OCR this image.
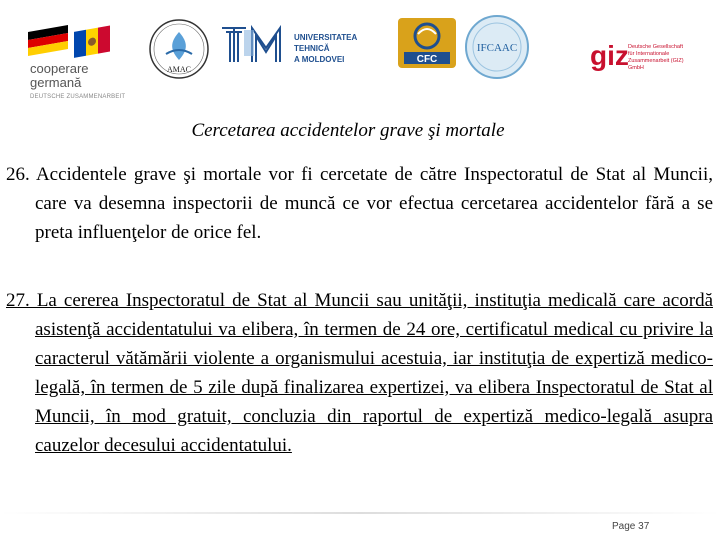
cooperare
germană
DEUTSCHE ZUSAMMENARBEIT
AMAC
UNIVERSITATEA TEHNICĂ
A MOLDOVEI	CFC
IFCAAC	giz Deutsche Gesellschaft
für Internationale
Zusammenarbeit (GIZ) GmbH
Cercetarea accidentelor grave şi mortale
26. Accidentele grave şi mortale vor fi cercetate de către Inspectoratul de Stat al Muncii, care va desemna inspectorii de muncă ce vor efectua cercetarea accidentelor fără a se preta influenţelor de orice fel.
27. La cererea Inspectoratul de Stat al Muncii sau unităţii, instituţia medicală care acordă asistenţă accidentatului va elibera, în termen de 24 ore, certificatul medical cu privire la caracterul vătămării violente a organismului acestuia, iar instituţia de expertiză medico-legală, în termen de 5 zile după finalizarea expertizei, va elibera Inspectoratul de Stat al Muncii, în mod gratuit, concluzia din raportul de expertiză medico-legală asupra cauzelor decesului accidentatului.
Page 37
